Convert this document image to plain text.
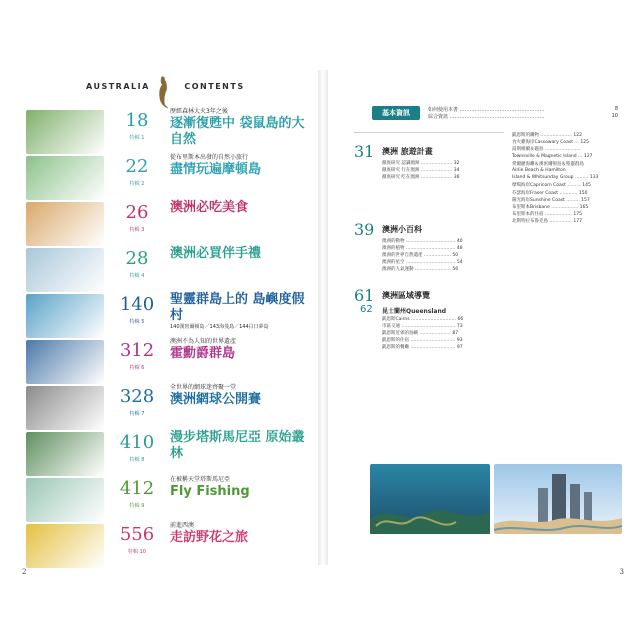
AUSTRALIA	CONTENTS
18
特輯 1
歷經森林大火3年之後
逐漸復甦中 袋鼠島的大自然
22
特輯 2
從布里斯本出發的自然小旅行
盡情玩遍摩頓島
26
特輯 3
澳洲必吃美食
28
特輯 4
澳洲必買伴手禮
140
特輯 5
聖靈群島上的 島嶼度假村
140漢密爾頓島／143海曼島／144白日夢島
312
特輯 6
澳洲不為人知的世界遺產
霍勳爵群島
328
特輯 7
全世界的網球迷齊聚一堂
澳洲網球公開賽
410
特輯 8
漫步塔斯馬尼亞 原始叢林
412
特輯 9
在被稱天堂塔斯馬尼亞
Fly Fishing
556
特輯 10
前進西澳
走訪野花之旅
2
基本資訊	如何使用本書 ……………………………………………	8
綜合資訊 …………………………………………………	10
31 澳洲 旅遊計畫
徹底研究 認識澳洲 ………………… 32
徹底研究 行在澳洲 ………………… 34
徹底研究 吃在澳洲 ………………… 36
39 澳洲小百科
澳洲的動物 …………………………… 40
澳洲的植物 …………………………… 48
澳洲的世界自然遺產 ……………… 50
澳洲的星空 …………………………… 54
澳洲的人氣運動 …………………… 56
61 澳洲區域導覽
62	昆士蘭州Queensland
凱恩斯Cairns ………………………… 66
市區交通 ……………………………… 73
凱恩斯近郊的島嶼 ………………… 87
凱恩斯的住宿 ………………………… 93
凱恩斯的餐廳 ………………………… 97
凱恩斯的購物 ………………… 122
食火雞海岸Cassowary Coast … 125
湯斯維爾＆磁島 ……………………
Townsville & Magnetic Island … 127
愛爾麗海灘＆漢密爾頓島＆聖靈群島
Airlie Beach & Hamilton
Island & Whitsunday Group ……… 133
摩羯海岸Capricorn Coast ……… 145
芬瑟海岸Fraser Coast ………… 150
陽光海岸Sunshine Coast ……… 157
布里斯本Brisbane ……………… 165
布里斯本的住宿 ……………… 175
北斯特拉布魯克島 …………… 177
3
